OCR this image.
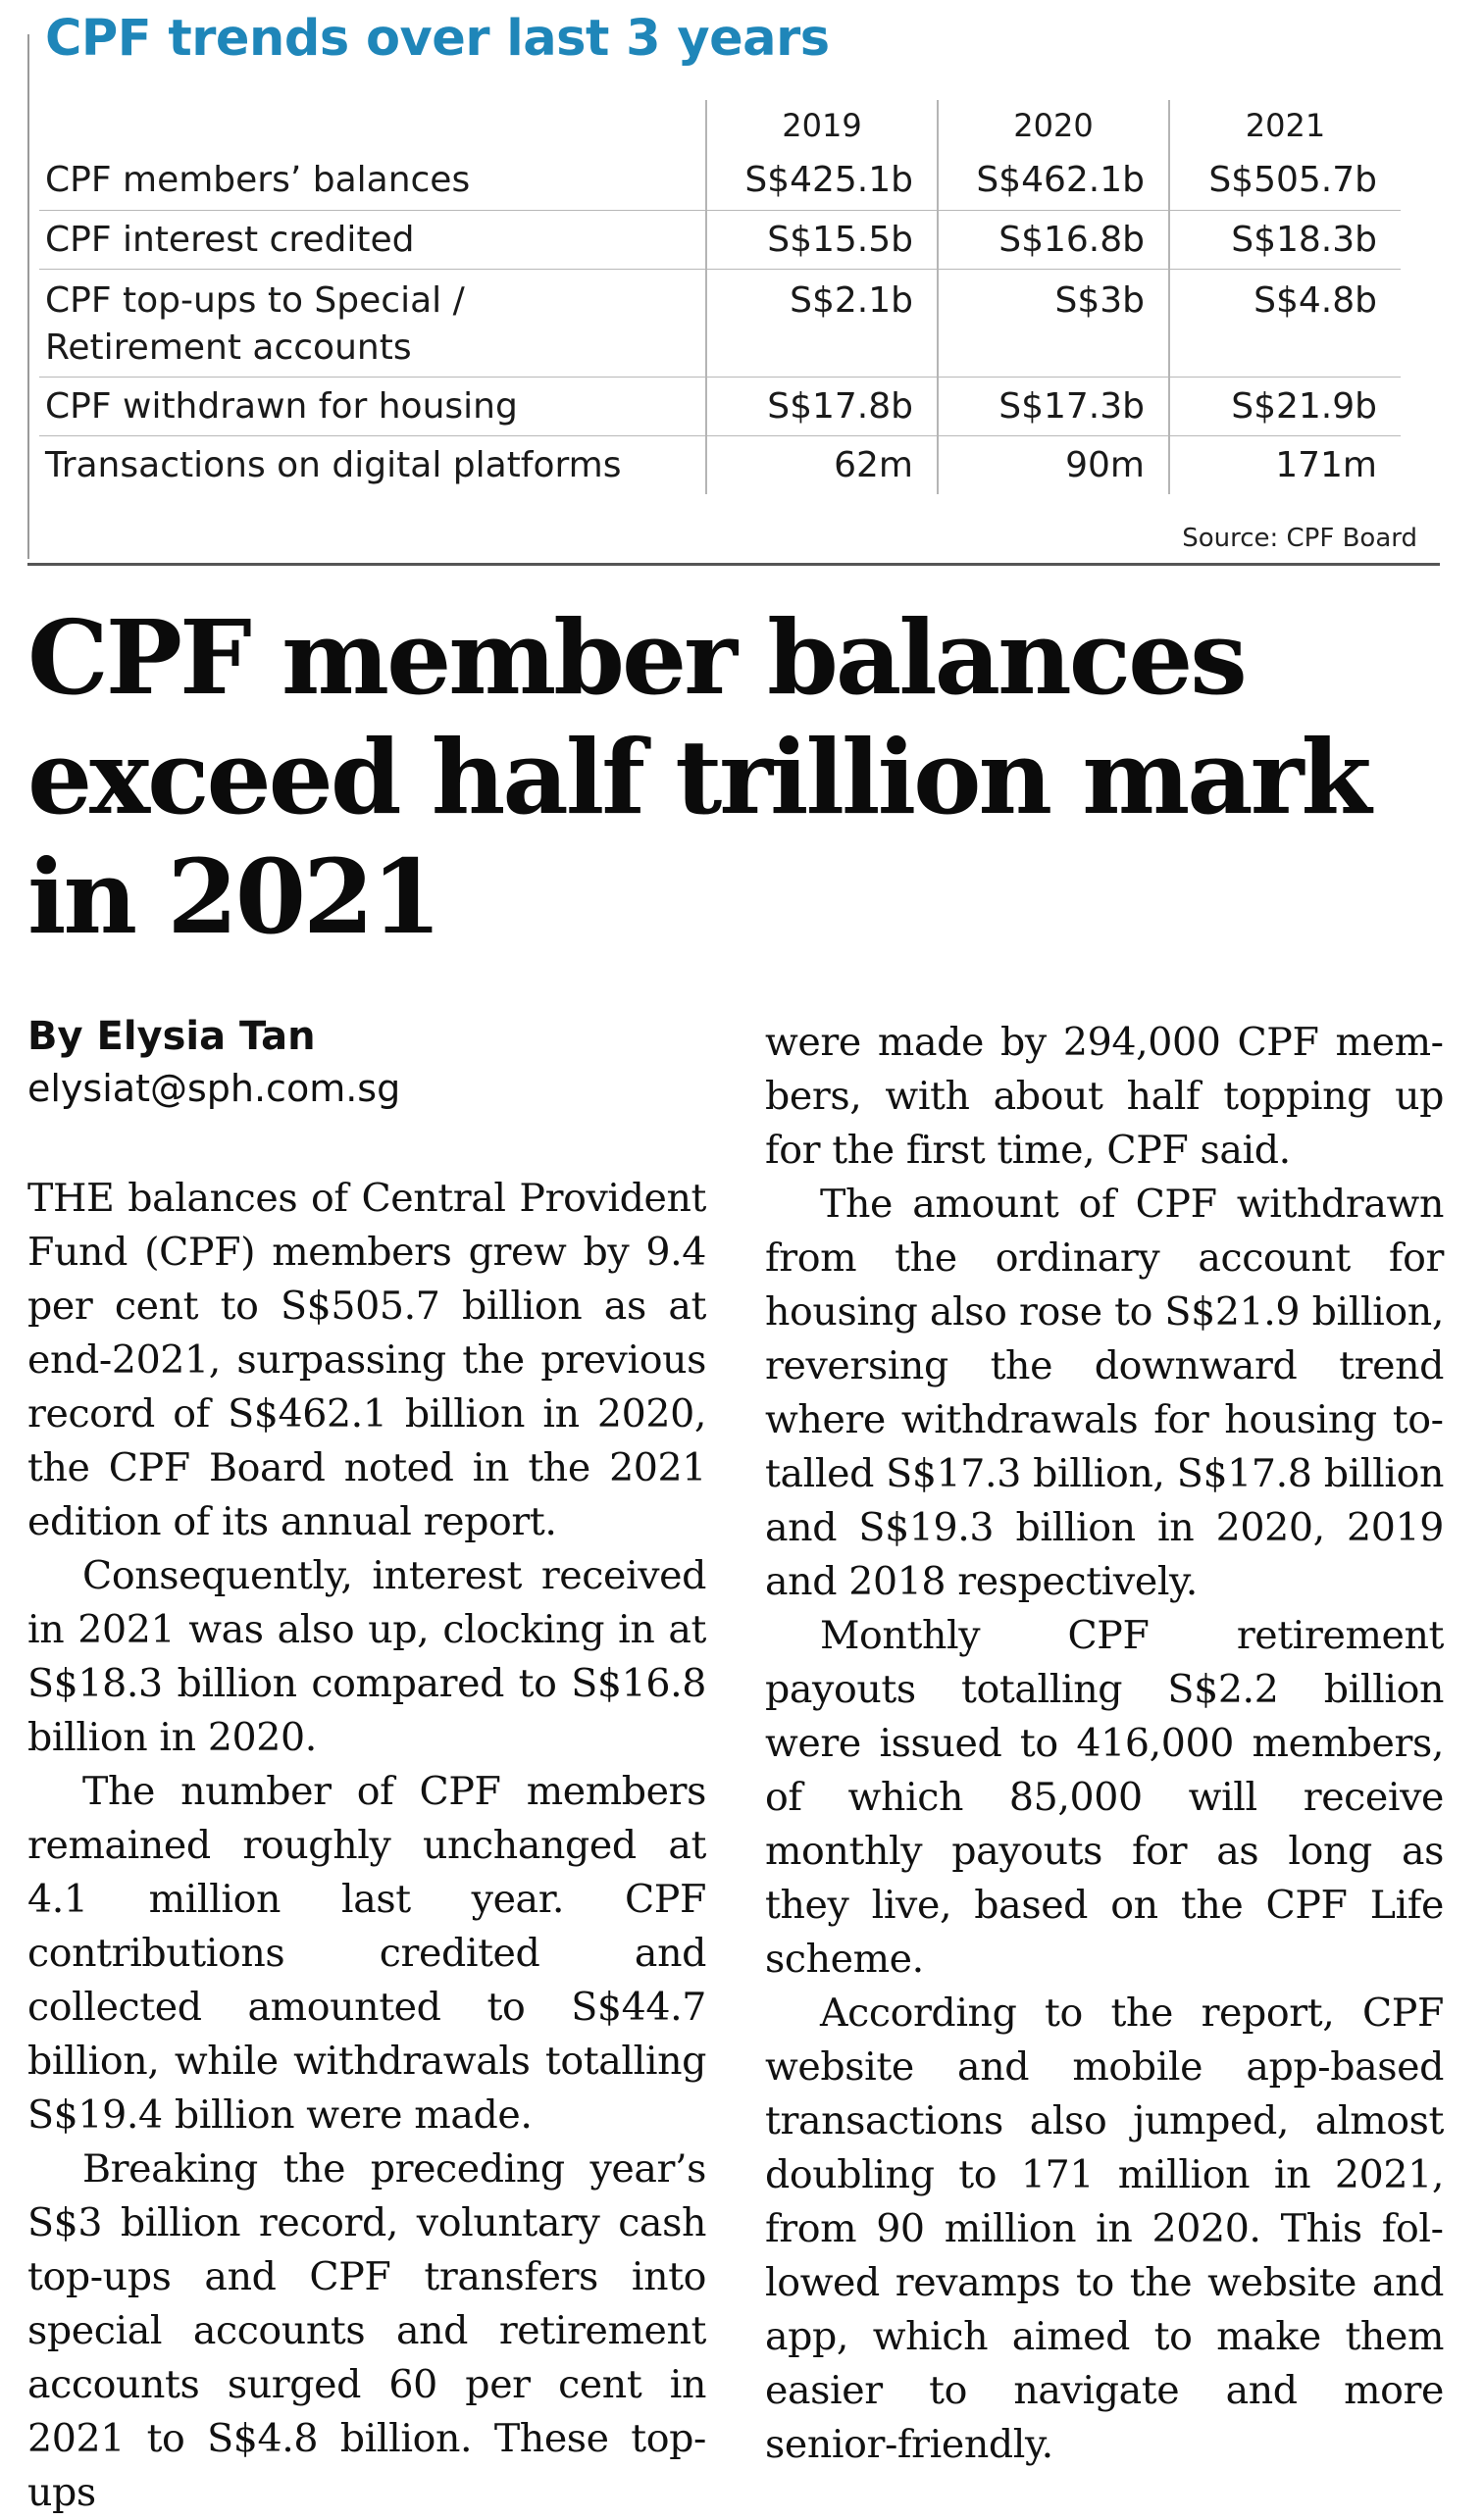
CPF trends over last 3 years
	2019	2020	2021
CPF members’ balances	S$425.1b	S$462.1b	S$505.7b
CPF interest credited	S$15.5b	S$16.8b	S$18.3b

CPF top-ups to Special /
Retirement accounts	S$2.1b	S$3b	S$4.8b
CPF withdrawn for housing	S$17.8b	S$17.3b	S$21.9b
Transactions on digital platforms	62m	90m	171m
Source: CPF Board
CPF member balances exceed half trillion mark in 2021
By Elysia Tan
elysiat@sph.com.sg

THE balances of Central Provident Fund (CPF) members grew by 9.4 per cent to S$505.7 billion as at end-2021, surpassing the previous record of S$462.1 billion in 2020, the CPF Board noted in the 2021 edition of its annual report.

Consequently, interest received in 2021 was also up, clocking in at S$18.3 billion compared to S$16.8 billion in 2020.

The number of CPF members remained roughly unchanged at 4.1 million last year. CPF contributions credited and collected amounted to S$44.7 billion, while withdrawals totalling S$19.4 billion were made.

Breaking the preceding year’s S$3 billion record, voluntary cash top-ups and CPF transfers into special accounts and retirement accounts surged 60 per cent in 2021 to S$4.8 billion. These top-ups

were made by 294,000 CPF members, with about half topping up for the first time, CPF said.

The amount of CPF withdrawn from the ordinary account for housing also rose to S$21.9 billion, reversing the downward trend where withdrawals for housing totalled S$17.3 billion, S$17.8 billion and S$19.3 billion in 2020, 2019 and 2018 respectively.

Monthly CPF retirement payouts totalling S$2.2 billion were issued to 416,000 members, of which 85,000 will receive monthly payouts for as long as they live, based on the CPF Life scheme.

According to the report, CPF website and mobile app-based transactions also jumped, almost doubling to 171 million in 2021, from 90 million in 2020. This followed revamps to the website and app, which aimed to make them easier to navigate and more senior-friendly.
